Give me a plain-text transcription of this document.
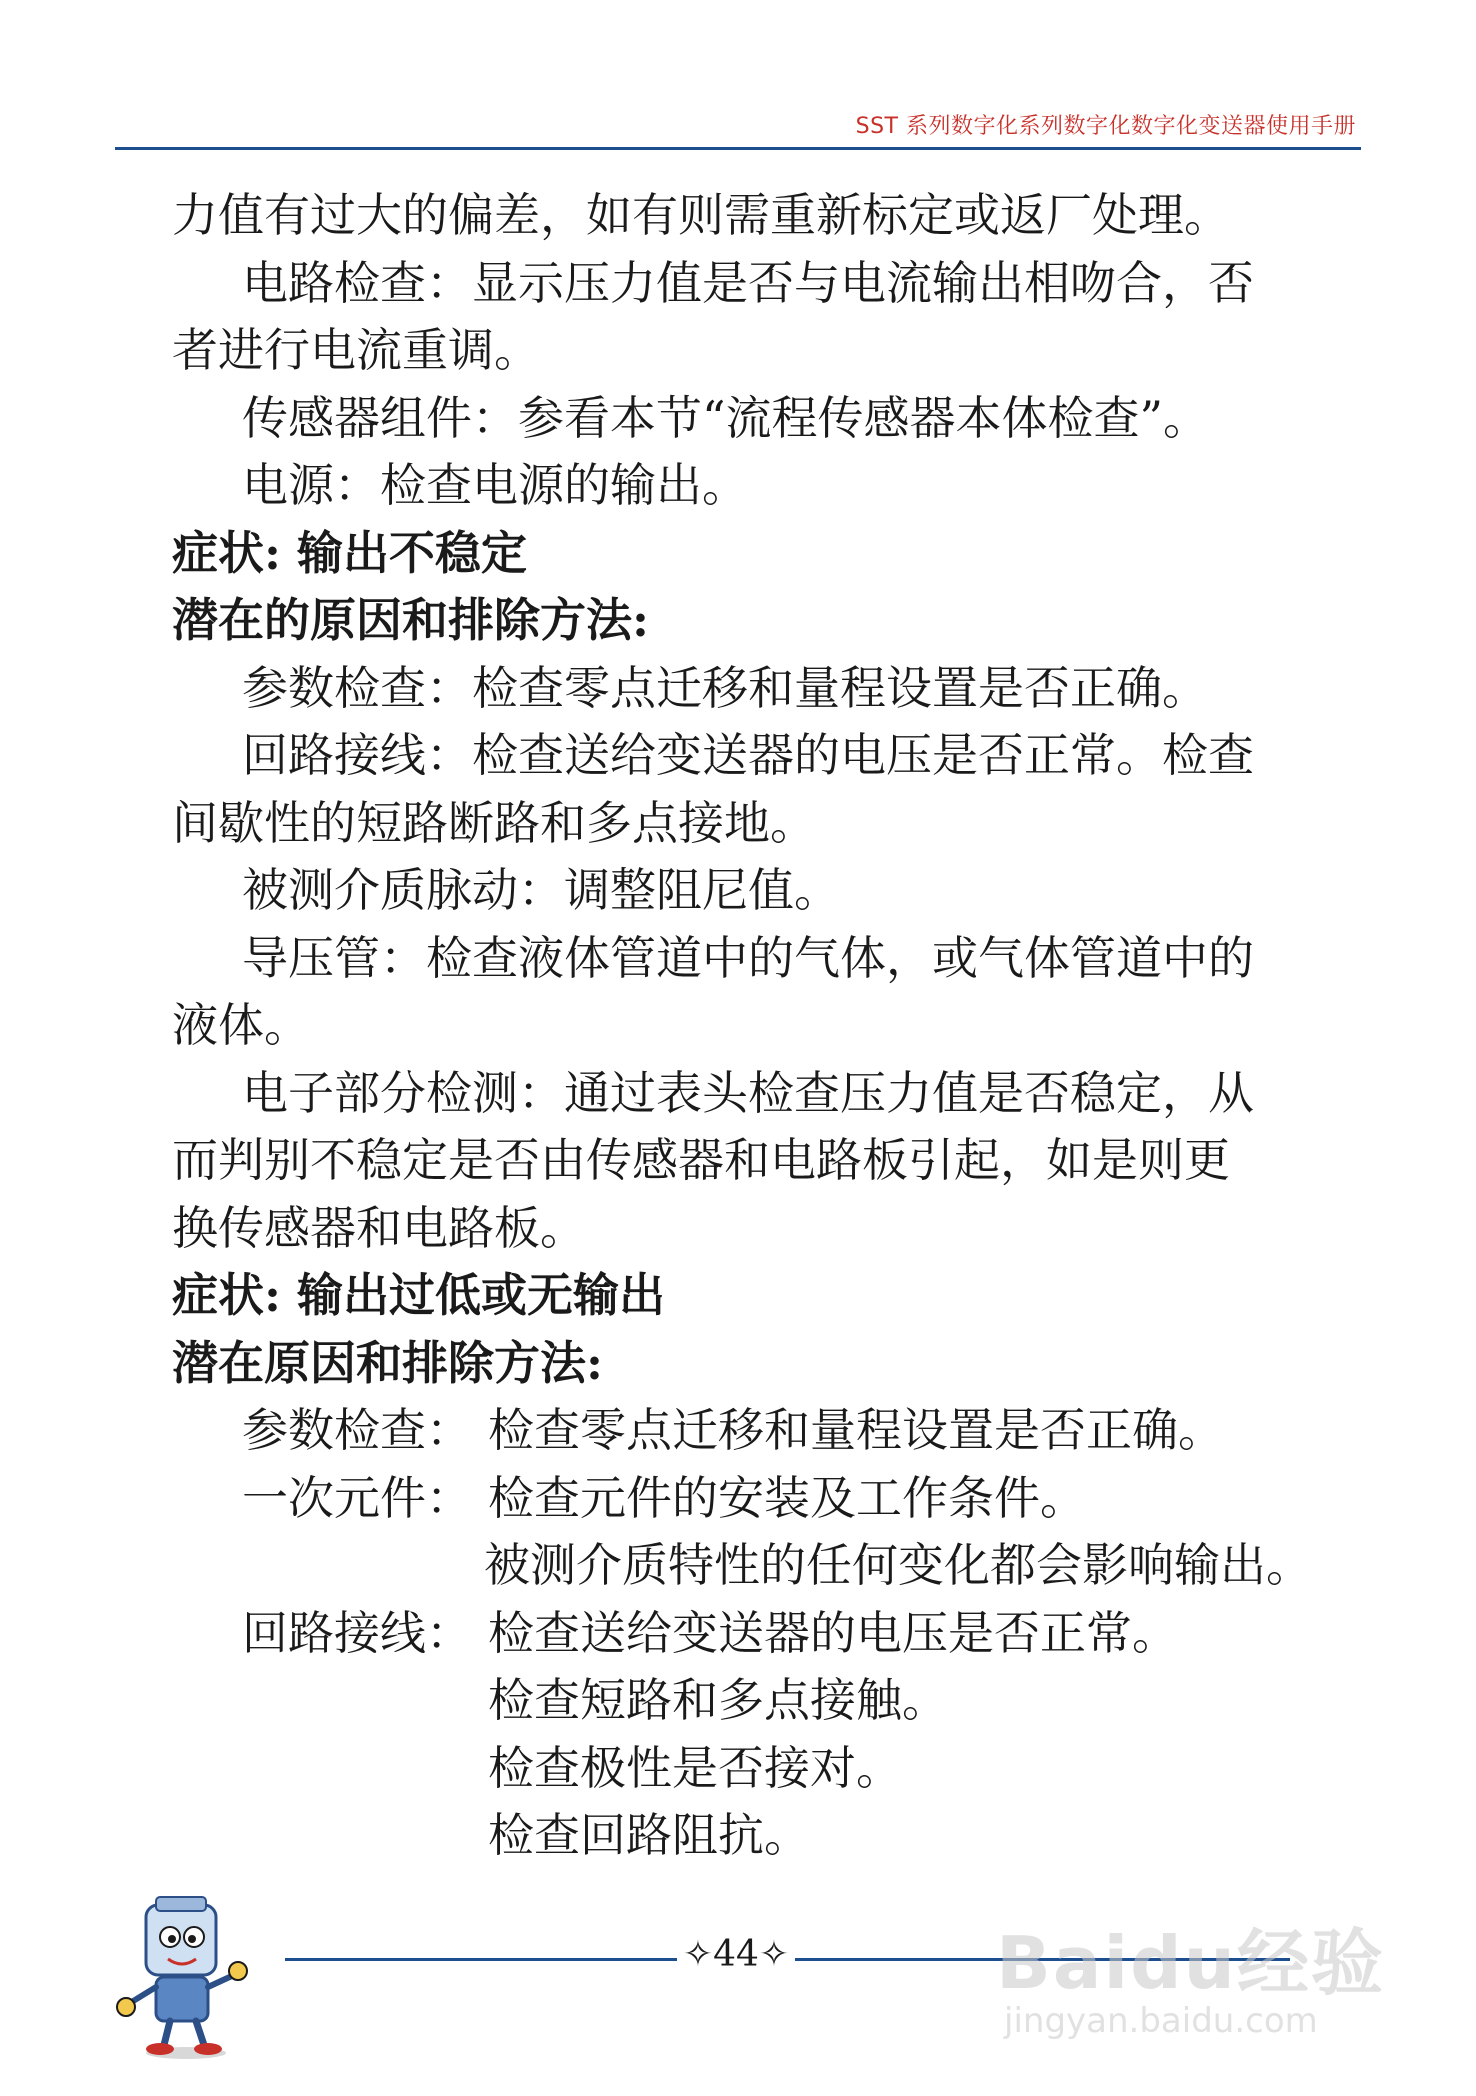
SST 系列数字化系列数字化数字化变送器使用手册

力值有过大的偏差，如有则需重新标定或返厂处理。

电路检查：显示压力值是否与电流输出相吻合，否

者进行电流重调。

传感器组件：参看本节“流程传感器本体检查”。

电源：检查电源的输出。

症状: 输出不稳定

潜在的原因和排除方法:

参数检查：检查零点迁移和量程设置是否正确。

回路接线：检查送给变送器的电压是否正常。检查

间歇性的短路断路和多点接地。

被测介质脉动：调整阻尼值。

导压管：检查液体管道中的气体，或气体管道中的

液体。

电子部分检测：通过表头检查压力值是否稳定，从

而判别不稳定是否由传感器和电路板引起，如是则更

换传感器和电路板。

症状: 输出过低或无输出

潜在原因和排除方法:

参数检查： 检查零点迁移和量程设置是否正确。
一次元件： 检查元件的安装及工作条件。
被测介质特性的任何变化都会影响输出。
回路接线： 检查送给变送器的电压是否正常。
检查短路和多点接触。
检查极性是否接对。
检查回路阻抗。
✧44✧	Baidu经验
jingyan.baidu.com
